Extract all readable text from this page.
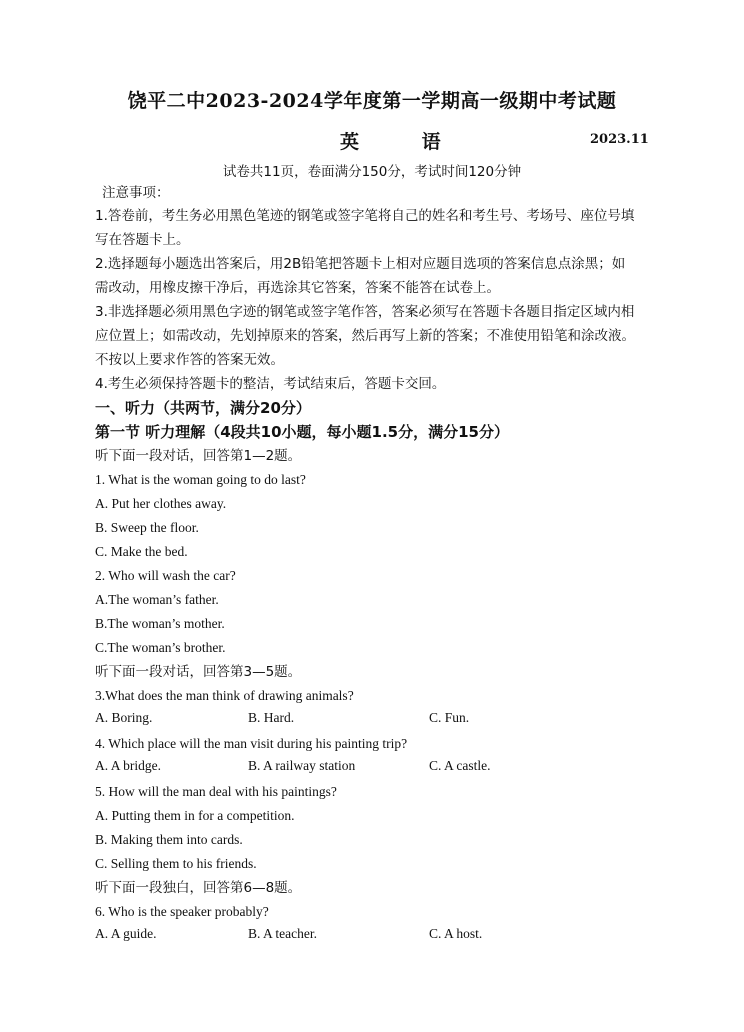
饶平二中2023-2024学年度第一学期高一级期中考试题
英 语	2023.11
试卷共11页，卷面满分150分，考试时间120分钟
注意事项：
1.答卷前，考生务必用黑色笔迹的钢笔或签字笔将自己的姓名和考生号、考场号、座位号填
写在答题卡上。
2.选择题每小题选出答案后，用2B铅笔把答题卡上相对应题目选项的答案信息点涂黑；如
需改动，用橡皮擦干净后，再选涂其它答案，答案不能答在试卷上。
3.非选择题必须用黑色字迹的钢笔或签字笔作答，答案必须写在答题卡各题目指定区域内相
应位置上；如需改动，先划掉原来的答案，然后再写上新的答案；不准使用铅笔和涂改液。
不按以上要求作答的答案无效。
4.考生必须保持答题卡的整洁，考试结束后，答题卡交回。
一、听力（共两节，满分20分）
第一节 听力理解（4段共10小题，每小题1.5分，满分15分）
听下面一段对话，回答第1—2题。
1. What is the woman going to do last?
A. Put her clothes away.
B. Sweep the floor.
C. Make the bed.
2. Who will wash the car?
A.The woman’s father.
B.The woman’s mother.
C.The woman’s brother.
听下面一段对话，回答第3—5题。
3.What does the man think of drawing animals?
A. Boring.	B. Hard.	C. Fun.
4. Which place will the man visit during his painting trip?
A. A bridge.	B. A railway station	C. A castle.
5. How will the man deal with his paintings?
A. Putting them in for a competition.
B. Making them into cards.
C. Selling them to his friends.
听下面一段独白，回答第6—8题。
6. Who is the speaker probably?
A. A guide.	B. A teacher.	C. A host.
